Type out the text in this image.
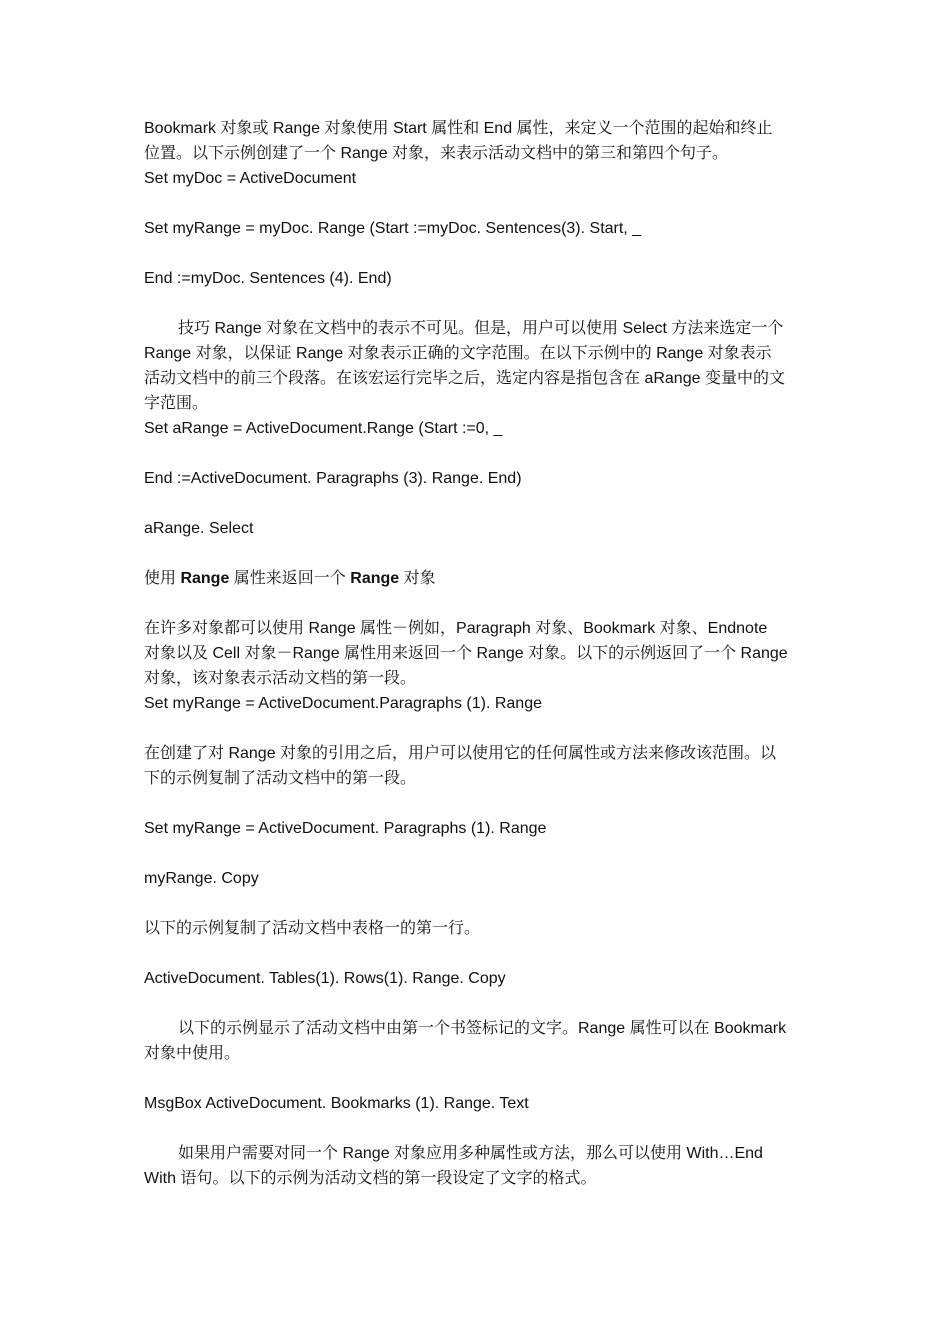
Bookmark 对象或 Range 对象使用 Start 属性和 End 属性，来定义一个范围的起始和终止
位置。以下示例创建了一个 Range 对象，来表示活动文档中的第三和第四个句子。
Set myDoc = ActiveDocument
Set myRange = myDoc. Range (Start :=myDoc. Sentences(3). Start, _
End :=myDoc. Sentences (4). End)
技巧 Range 对象在文档中的表示不可见。但是，用户可以使用 Select 方法来选定一个
Range 对象，以保证 Range 对象表示正确的文字范围。在以下示例中的 Range 对象表示
活动文档中的前三个段落。在该宏运行完毕之后，选定内容是指包含在 aRange 变量中的文
字范围。
Set aRange = ActiveDocument.Range (Start :=0, _
End :=ActiveDocument. Paragraphs (3). Range. End)
aRange. Select
使用 Range 属性来返回一个 Range 对象
在许多对象都可以使用 Range 属性－例如，Paragraph 对象、Bookmark 对象、Endnote
对象以及 Cell 对象－Range 属性用来返回一个 Range 对象。以下的示例返回了一个 Range
对象，该对象表示活动文档的第一段。
Set myRange = ActiveDocument.Paragraphs (1). Range
在创建了对 Range 对象的引用之后，用户可以使用它的任何属性或方法来修改该范围。以
下的示例复制了活动文档中的第一段。
Set myRange = ActiveDocument. Paragraphs (1). Range
myRange. Copy
以下的示例复制了活动文档中表格一的第一行。
ActiveDocument. Tables(1). Rows(1). Range. Copy
以下的示例显示了活动文档中由第一个书签标记的文字。Range 属性可以在 Bookmark
对象中使用。
MsgBox ActiveDocument. Bookmarks (1). Range. Text
如果用户需要对同一个 Range 对象应用多种属性或方法，那么可以使用 With…End
With 语句。以下的示例为活动文档的第一段设定了文字的格式。
